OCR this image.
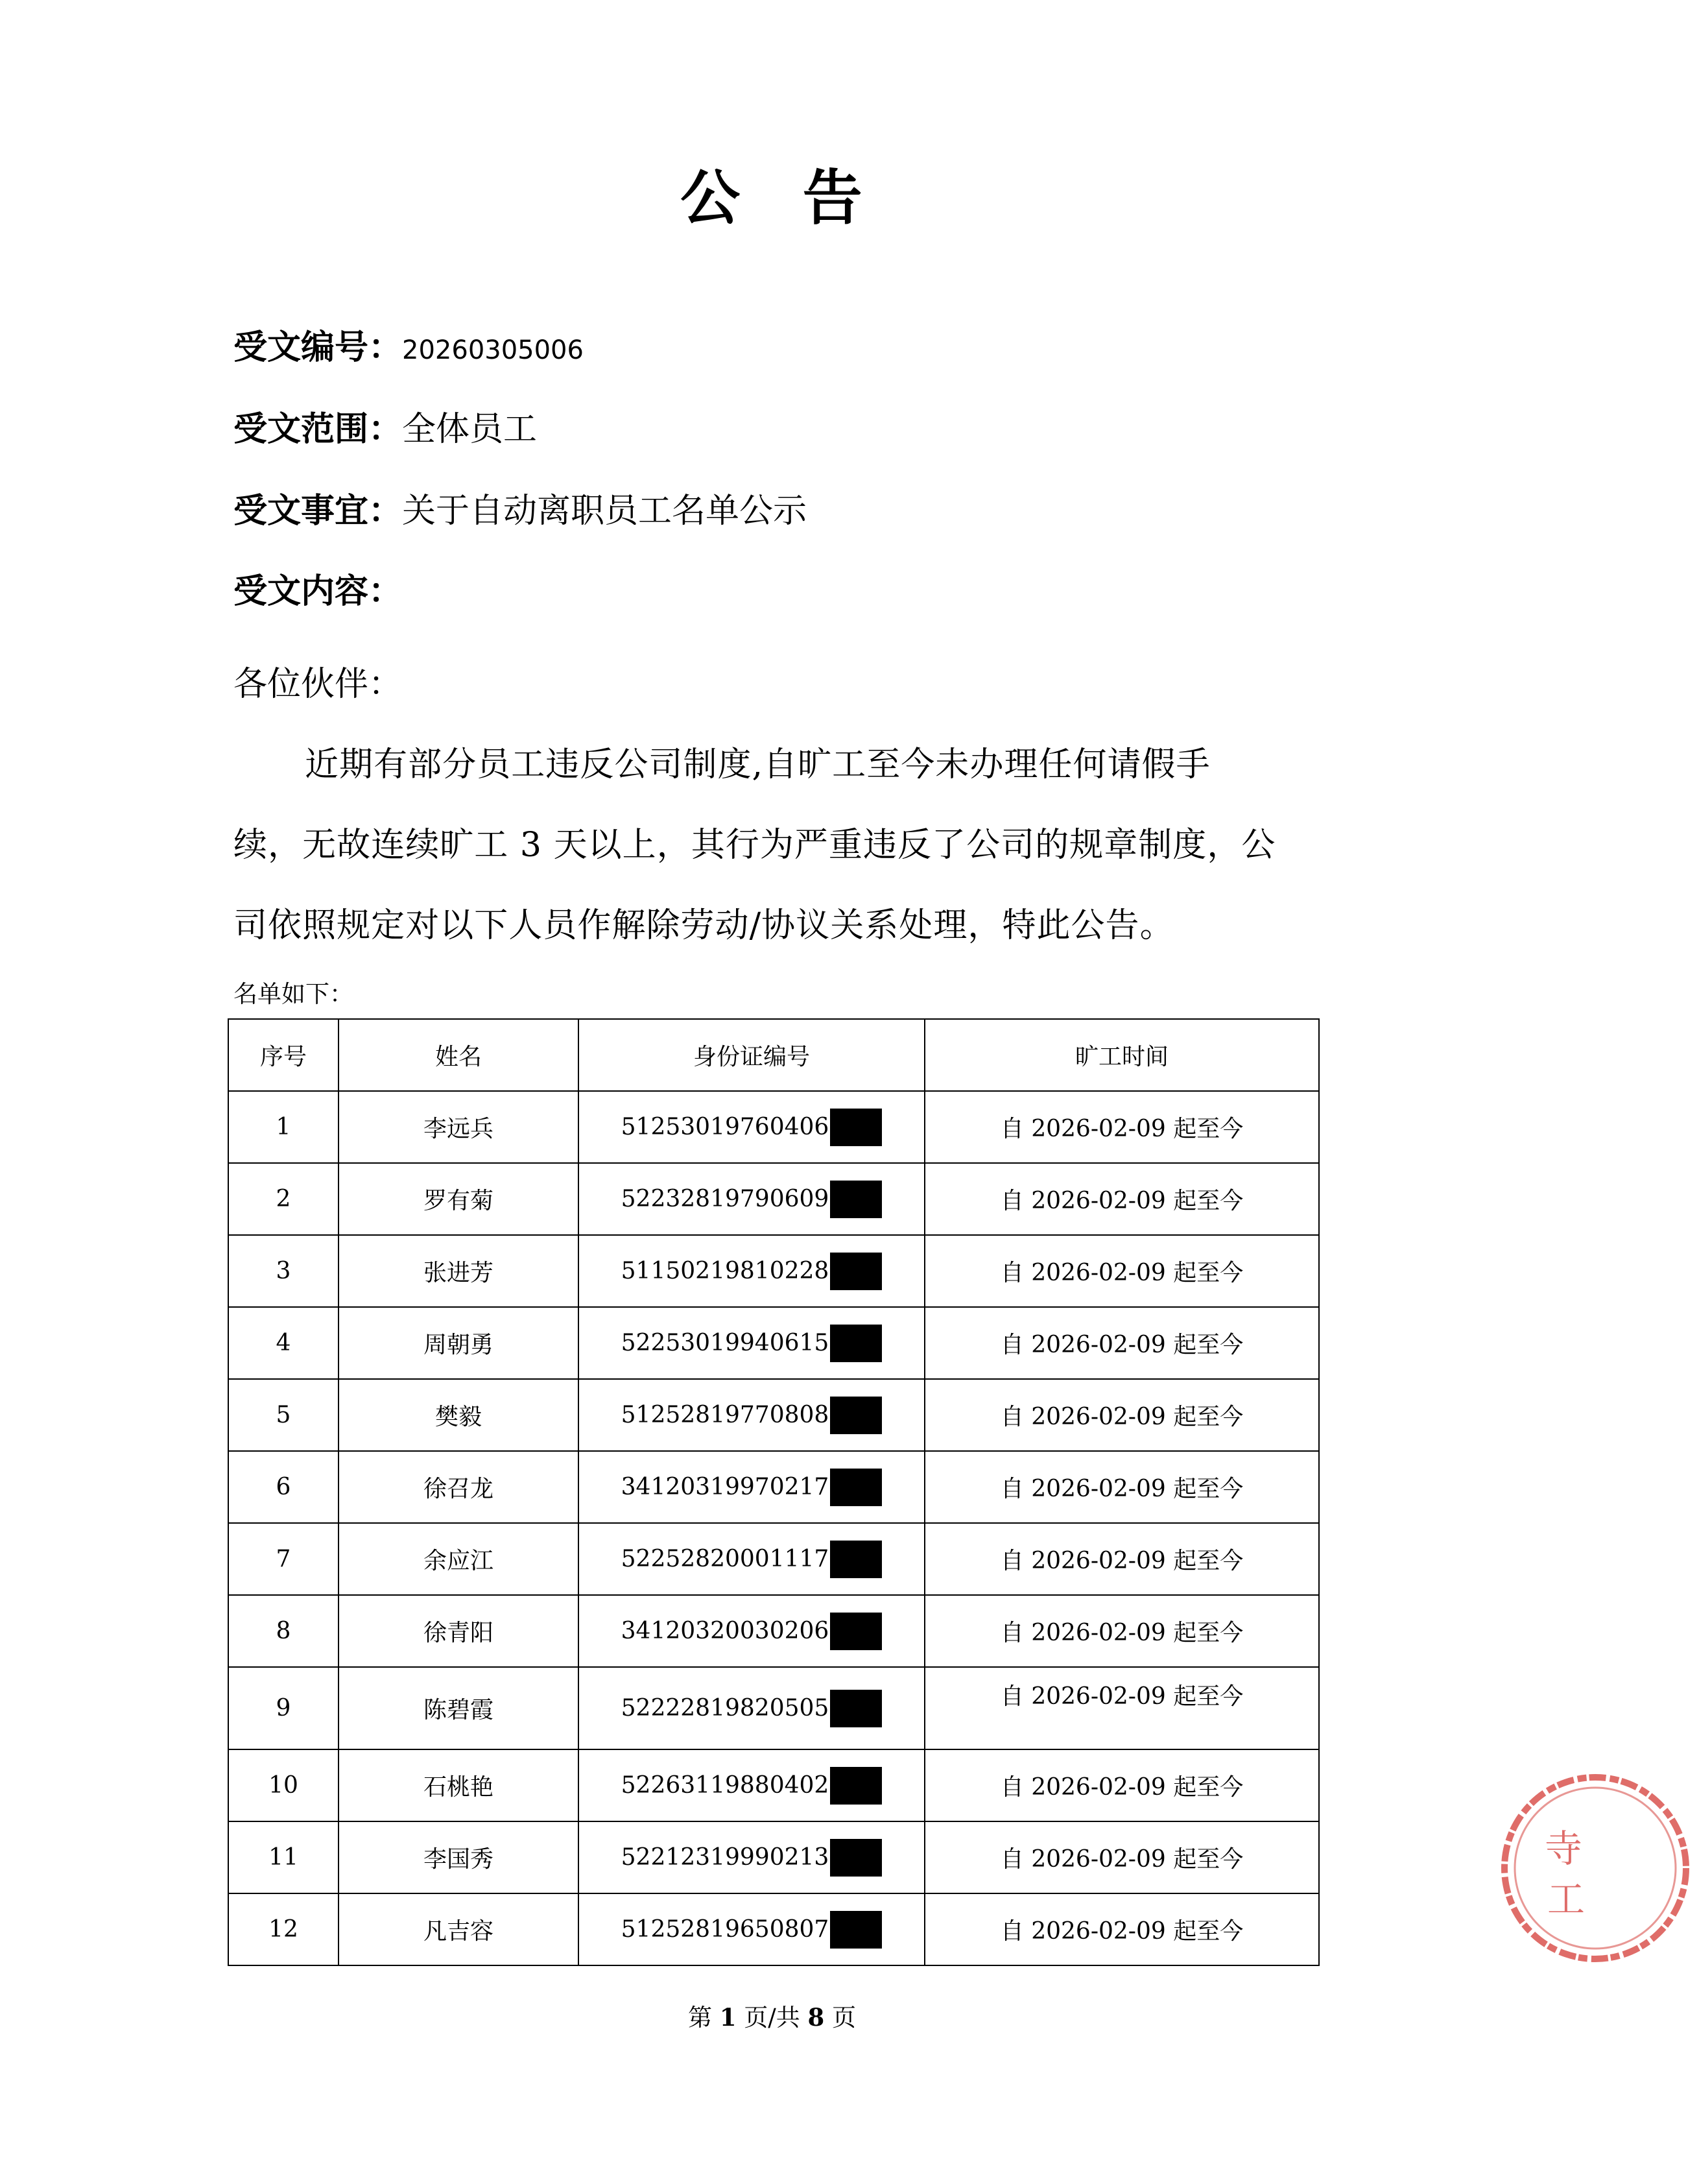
公 告
受文编号：20260305006
受文范围：全体员工
受文事宜：关于自动离职员工名单公示
受文内容：
各位伙伴：
近期有部分员工违反公司制度,自旷工至今未办理任何请假手
续，无故连续旷工 3 天以上，其行为严重违反了公司的规章制度，公
司依照规定对以下人员作解除劳动/协议关系处理，特此公告。
名单如下：
序号	姓名	身份证编号	旷工时间
1	李远兵	51253019760406	自 2026-02-09 起至今
2	罗有菊	52232819790609	自 2026-02-09 起至今
3	张进芳	51150219810228	自 2026-02-09 起至今
4	周朝勇	52253019940615	自 2026-02-09 起至今
5	樊毅	51252819770808	自 2026-02-09 起至今
6	徐召龙	34120319970217	自 2026-02-09 起至今
7	余应江	52252820001117	自 2026-02-09 起至今
8	徐青阳	34120320030206	自 2026-02-09 起至今
9	陈碧霞	52222819820505	自 2026-02-09 起至今
10	石桃艳	52263119880402	自 2026-02-09 起至今
11	李国秀	52212319990213	自 2026-02-09 起至今
12	凡吉容	51252819650807	自 2026-02-09 起至今
第 1 页/共 8 页
寺
工
